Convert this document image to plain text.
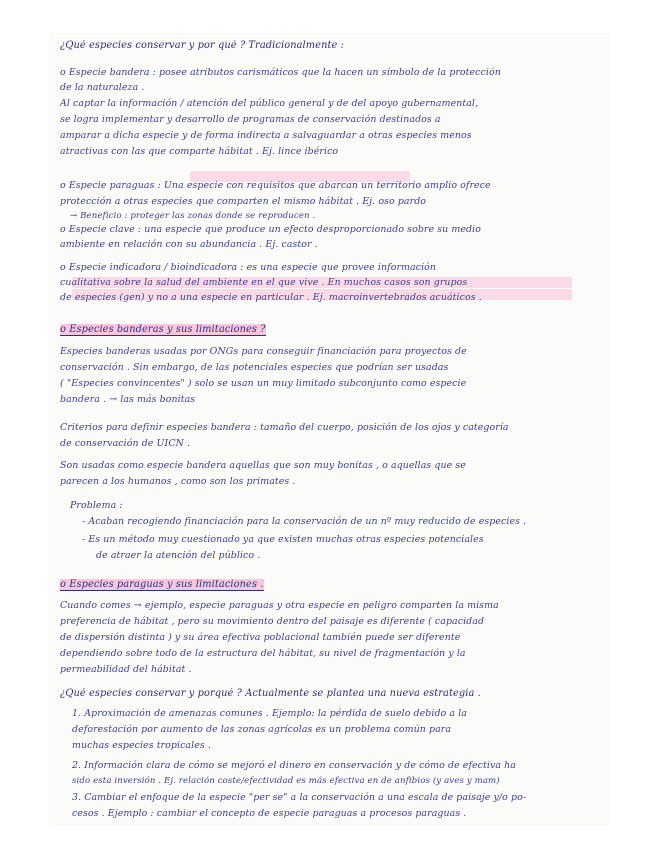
¿Qué especies conservar y por qué ? Tradicionalmente :
o Especie bandera : posee atributos carismáticos que la hacen un símbolo de la protección
de la naturaleza .
Al captar la información / atención del público general y de del apoyo gubernamental,
se logra implementar y desarrollo de programas de conservación destinados a
amparar a dicha especie y de forma indirecta a salvaguardar a otras especies menos
atractivas con las que comparte hábitat . Ej. lince ibérico
o Especie paraguas : Una especie con requisitos que abarcan un territorio amplio ofrece
protección a otras especies que comparten el mismo hábitat . Ej. oso pardo
→ Beneficio : proteger las zonas donde se reproducen .
o Especie clave : una especie que produce un efecto desproporcionado sobre su medio
ambiente en relación con su abundancia . Ej. castor .
o Especie indicadora / bioindicadora : es una especie que provee información
cualitativa sobre la salud del ambiente en el que vive . En muchos casos son grupos
de especies (gen) y no a una especie en particular . Ej. macroinvertebrados acuáticos .
o Especies banderas y sus limitaciones ?
Especies banderas usadas por ONGs para conseguir financiación para proyectos de
conservación . Sin embargo, de las potenciales especies que podrían ser usadas
( "Especies convincentes" ) solo se usan un muy limitado subconjunto como especie
bandera . → las más bonitas
Criterios para definir especies bandera : tamaño del cuerpo, posición de los ojos y categoría
de conservación de UICN .
Son usadas como especie bandera aquellas que son muy bonitas , o aquellas que se
parecen a los humanos , como son los primates .
Problema :
- Acaban recogiendo financiación para la conservación de un nº muy reducido de especies .
- Es un método muy cuestionado ya que existen muchas otras especies potenciales
de atraer la atención del público .
o Especies paraguas y sus limitaciones .
Cuando comes → ejemplo, especie paraguas y otra especie en peligro comparten la misma
preferencia de hábitat , pero su movimiento dentro del paisaje es diferente ( capacidad
de dispersión distinta ) y su área efectiva poblacional también puede ser diferente
dependiendo sobre todo de la estructura del hábitat, su nivel de fragmentación y la
permeabilidad del hábitat .
¿Qué especies conservar y porqué ? Actualmente se plantea una nueva estrategia .
1. Aproximación de amenazas comunes . Ejemplo: la pérdida de suelo debido a la
deforestación por aumento de las zonas agrícolas es un problema común para
muchas especies tropicales .
2. Información clara de cómo se mejoró el dinero en conservación y de cómo de efectiva ha
sido esta inversión . Ej. relación coste/efectividad es más efectiva en de anfibios (y aves y mam)
3. Cambiar el enfoque de la especie "per se" a la conservación a una escala de paisaje y/o po-
cesos . Ejemplo : cambiar el concepto de especie paraguas a procesos paraguas .
